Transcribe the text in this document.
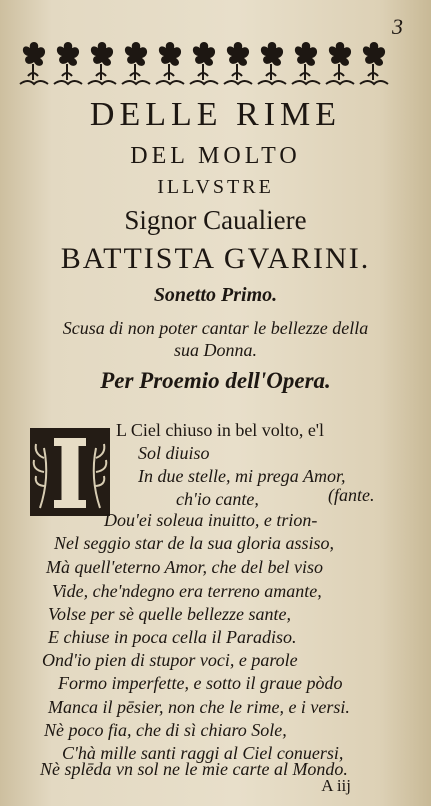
3
DELLE RIME
DEL MOLTO
ILLVSTRE
Signor Caualiere
BATTISTA GVARINI.
Sonetto Primo.
Scusa di non poter cantar le bellezze della
sua Donna.
Per Proemio dell'Opera.
L Ciel chiuso in bel volto, e'l
Sol diuiso
In due stelle, mi prega Amor,
ch'io cante,	(fante.
Dou'ei soleua inuitto, e trion-
Nel seggio star de la sua gloria assiso,
Mà quell'eterno Amor, che del bel viso
Vide, che'ndegno era terreno amante,
Volse per sè quelle bellezze sante,
E chiuse in poca cella il Paradiso.
Ond'io pien di stupor voci, e parole
Formo imperfette, e sotto il graue pòdo
Manca il pēsier, non che le rime, e i versi.
Nè poco fia, che di sì chiaro Sole,
C'hà mille santi raggi al Ciel conuersi,
Nè splēda vn sol ne le mie carte al Mondo.
A iij
